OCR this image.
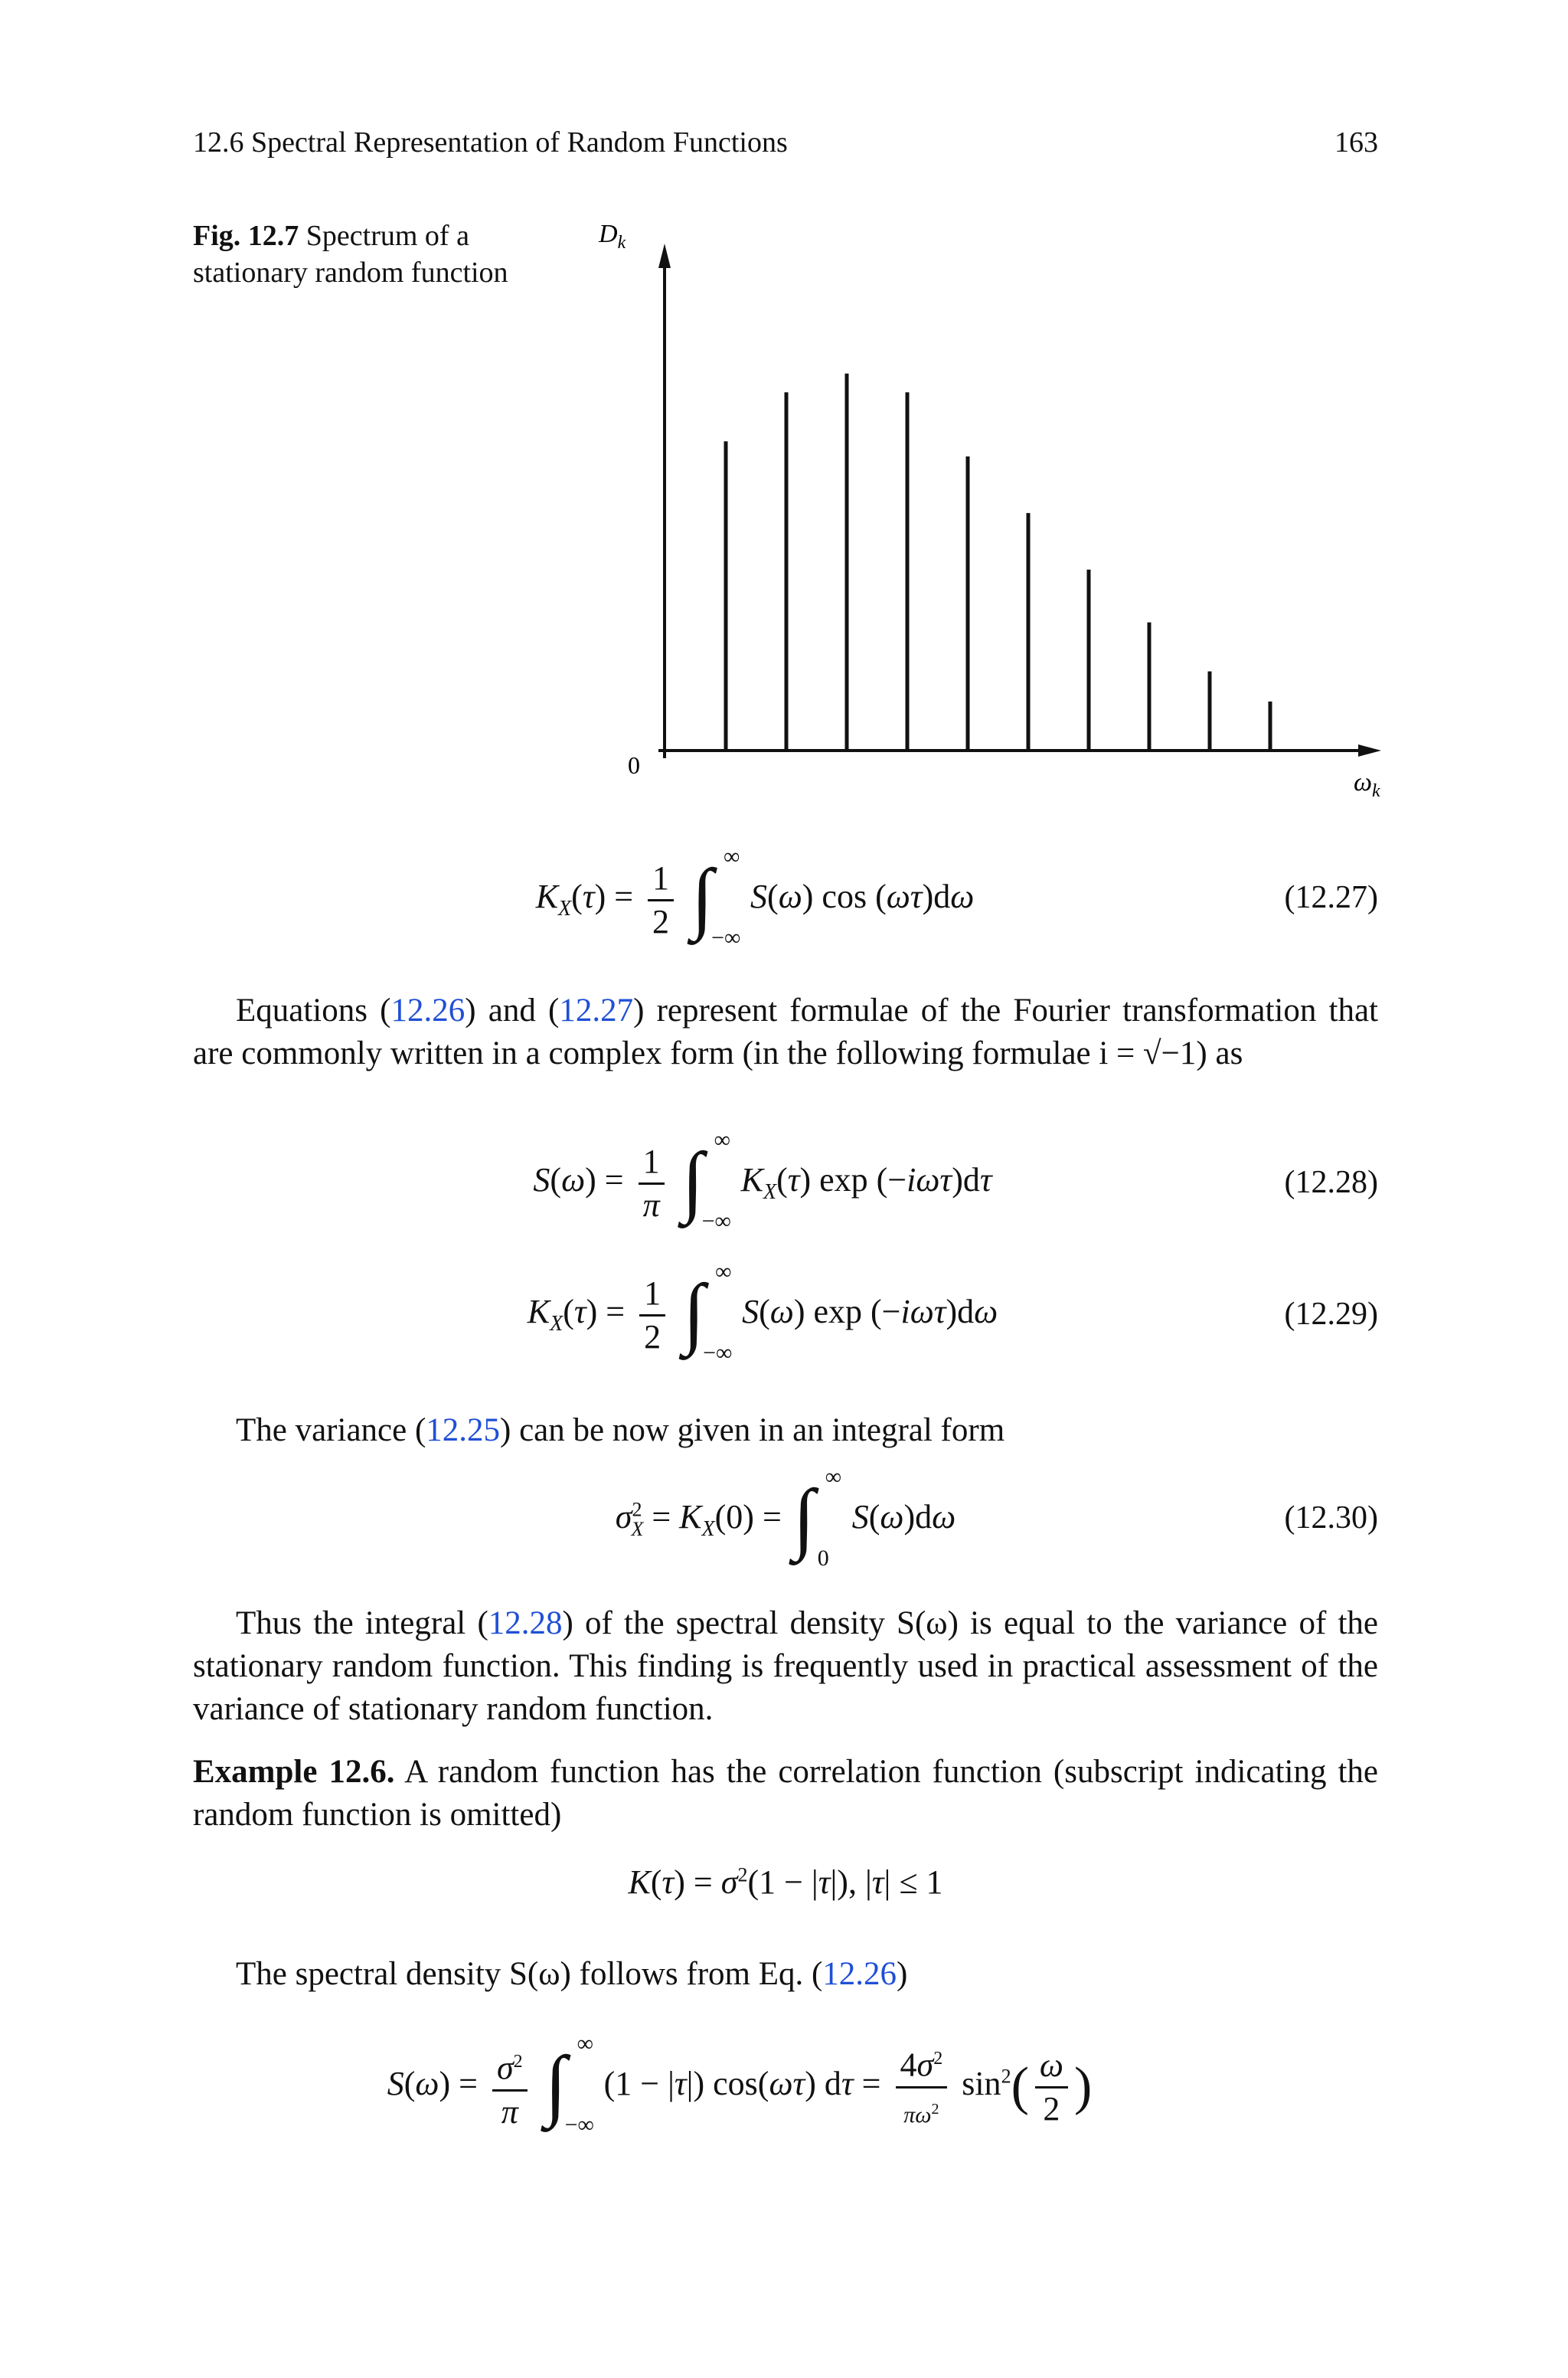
12.6 Spectral Representation of Random Functions	163
Fig. 12.7 Spectrum of a stationary random function
$D_k$
0
$\omega_k$
$K_X(\tau) = \frac{1}{2}$
∫ ∞
−∞
S(ω) cos (ωτ)dω	(12.27)
Equations (12.26) and (12.27) represent formulae of the Fourier transformation that are commonly written in a complex form (in the following formulae i = √−1) as
$S(\omega) = \frac{1}{\pi}$
∫ ∞
−∞
$K_X(\tau)$ exp (−iωτ)dτ	(12.28)
$K_X(\tau) = \frac{1}{2}$
∫ ∞
−∞
S(ω) exp (−iωτ)dω	(12.29)
The variance (12.25) can be now given in an integral form
$\sigma^2_X = K_X(0)$ = ∫ ∞
0
S(ω)dω	(12.30)
Thus the integral (12.28) of the spectral density S(ω) is equal to the variance of the stationary random function. This finding is frequently used in practical assessment of the variance of stationary random function.
Example 12.6. A random function has the correlation function (subscript indicating the random function is omitted)
$K(\tau) = \sigma^2(1 - |\tau|)$, |τ| ≤ 1
The spectral density S(ω) follows from Eq. (12.26)
$S(\omega) = \frac{\sigma^2}{\pi}$
∫ ∞
−∞
(1 − |τ|) cos(ωτ) $d\tau = \frac{4\sigma^2}{\pi\omega^2} \sin^2( \frac{\omega}{2}$ )
